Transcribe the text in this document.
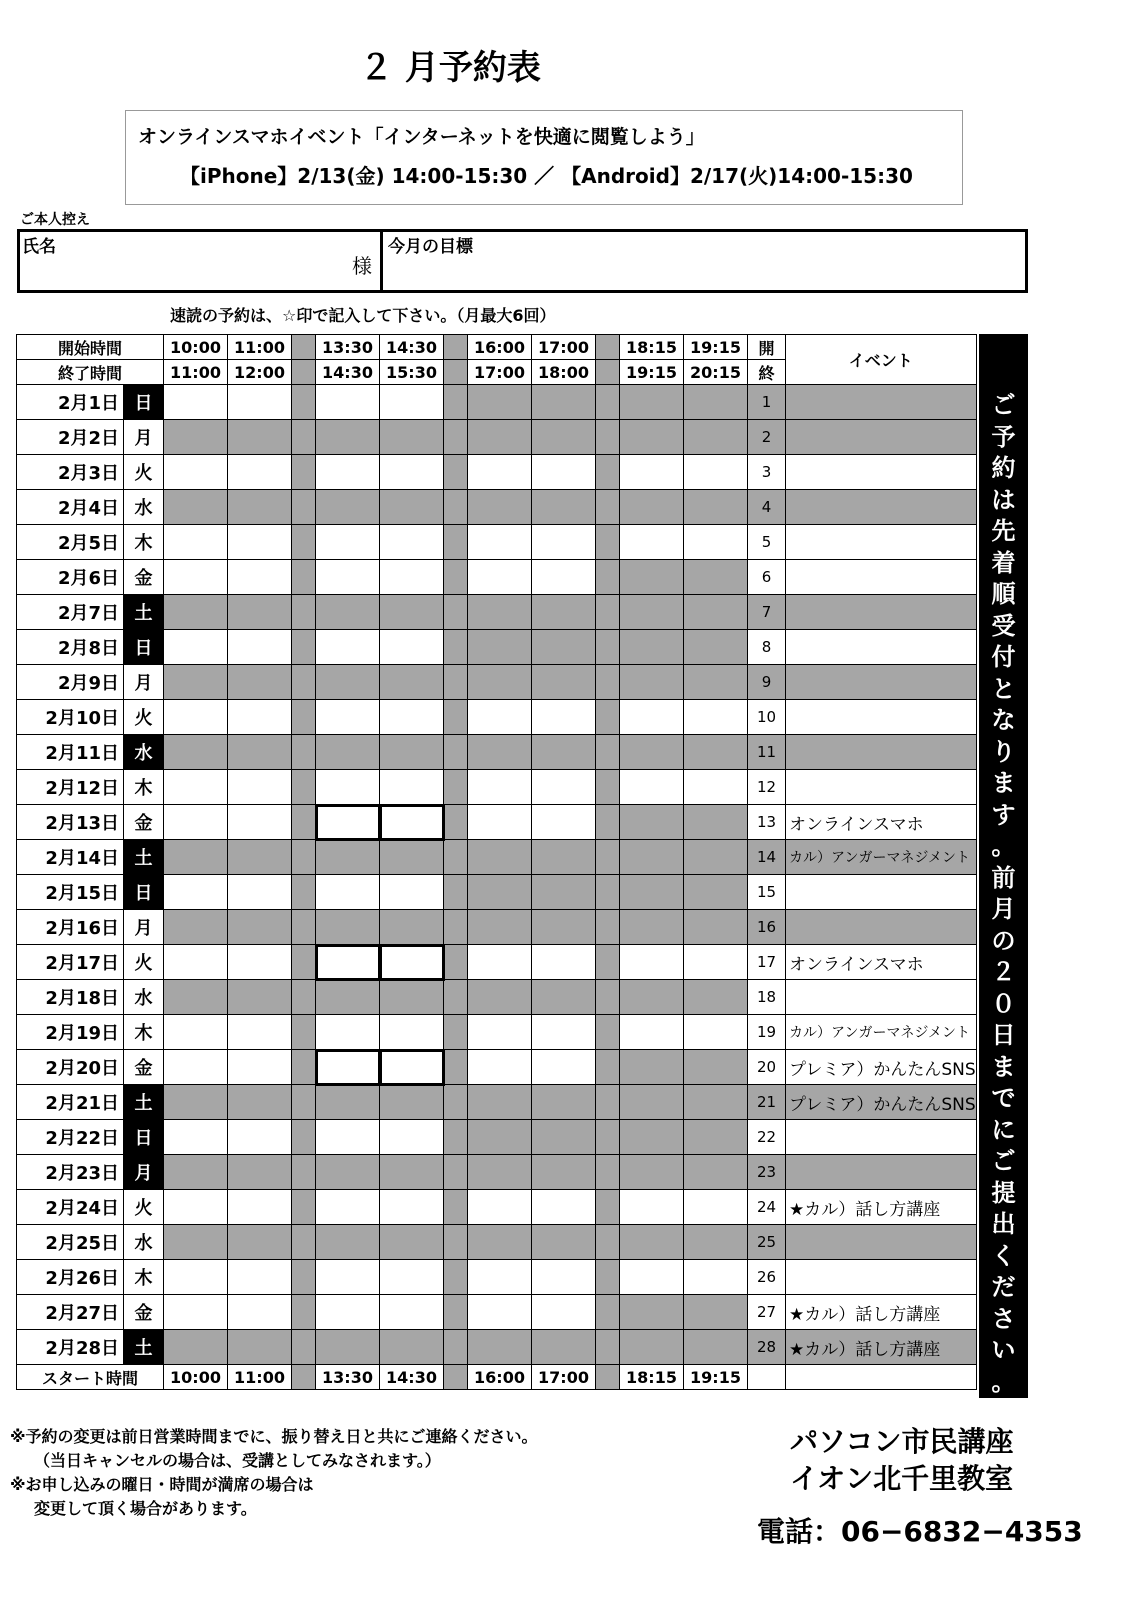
２ 月予約表
オンラインスマホイベント「インターネットを快適に閲覧しよう」
【iPhone】2/13(金) 14:00-15:30 ／ 【Android】2/17(火)14:00-15:30
ご本人控え
氏名
様
今月の目標
速読の予約は、☆印で記入して下さい。（月最大6回）
開始時間		10:00	11:00		13:30	14:30		16:00	17:00		18:15	19:15	開	イベント
終了時間		11:00	12:00		14:30	15:30		17:00	18:00		19:15	20:15	終	
2月1日	日												1	
2月2日	月												2	
2月3日	火												3	
2月4日	水												4	
2月5日	木												5	
2月6日	金												6	
2月7日	土												7	
2月8日	日												8	
2月9日	月												9	
2月10日	火												10	
2月11日	水												11	
2月12日	木												12	
2月13日	金												13	オンラインスマホ
2月14日	土												14	カル）アンガーマネジメント
2月15日	日												15	
2月16日	月												16	
2月17日	火												17	オンラインスマホ
2月18日	水												18	
2月19日	木												19	カル）アンガーマネジメント
2月20日	金												20	プレミア）かんたんSNS
2月21日	土												21	プレミア）かんたんSNS
2月22日	日												22	
2月23日	月												23	
2月24日	火												24	★カル）話し方講座
2月25日	水												25	
2月26日	木												26	
2月27日	金												27	★カル）話し方講座
2月28日	土												28	★カル）話し方講座
スタート時間		10:00	11:00		13:30	14:30		16:00	17:00		18:15	19:15		
ご
予
約
は
先
着
順
受
付
と
な
り
ま
す
。
前
月
の
２
０
日
ま
で
に
ご
提
出
く
だ
さ
い
。
※予約の変更は前日営業時間までに、振り替え日と共にご連絡ください。
（当日キャンセルの場合は、受講としてみなされます。）
※お申し込みの曜日・時間が満席の場合は
変更して頂く場合があります。
パソコン市民講座
イオン北千里教室
電話：06−6832−4353
